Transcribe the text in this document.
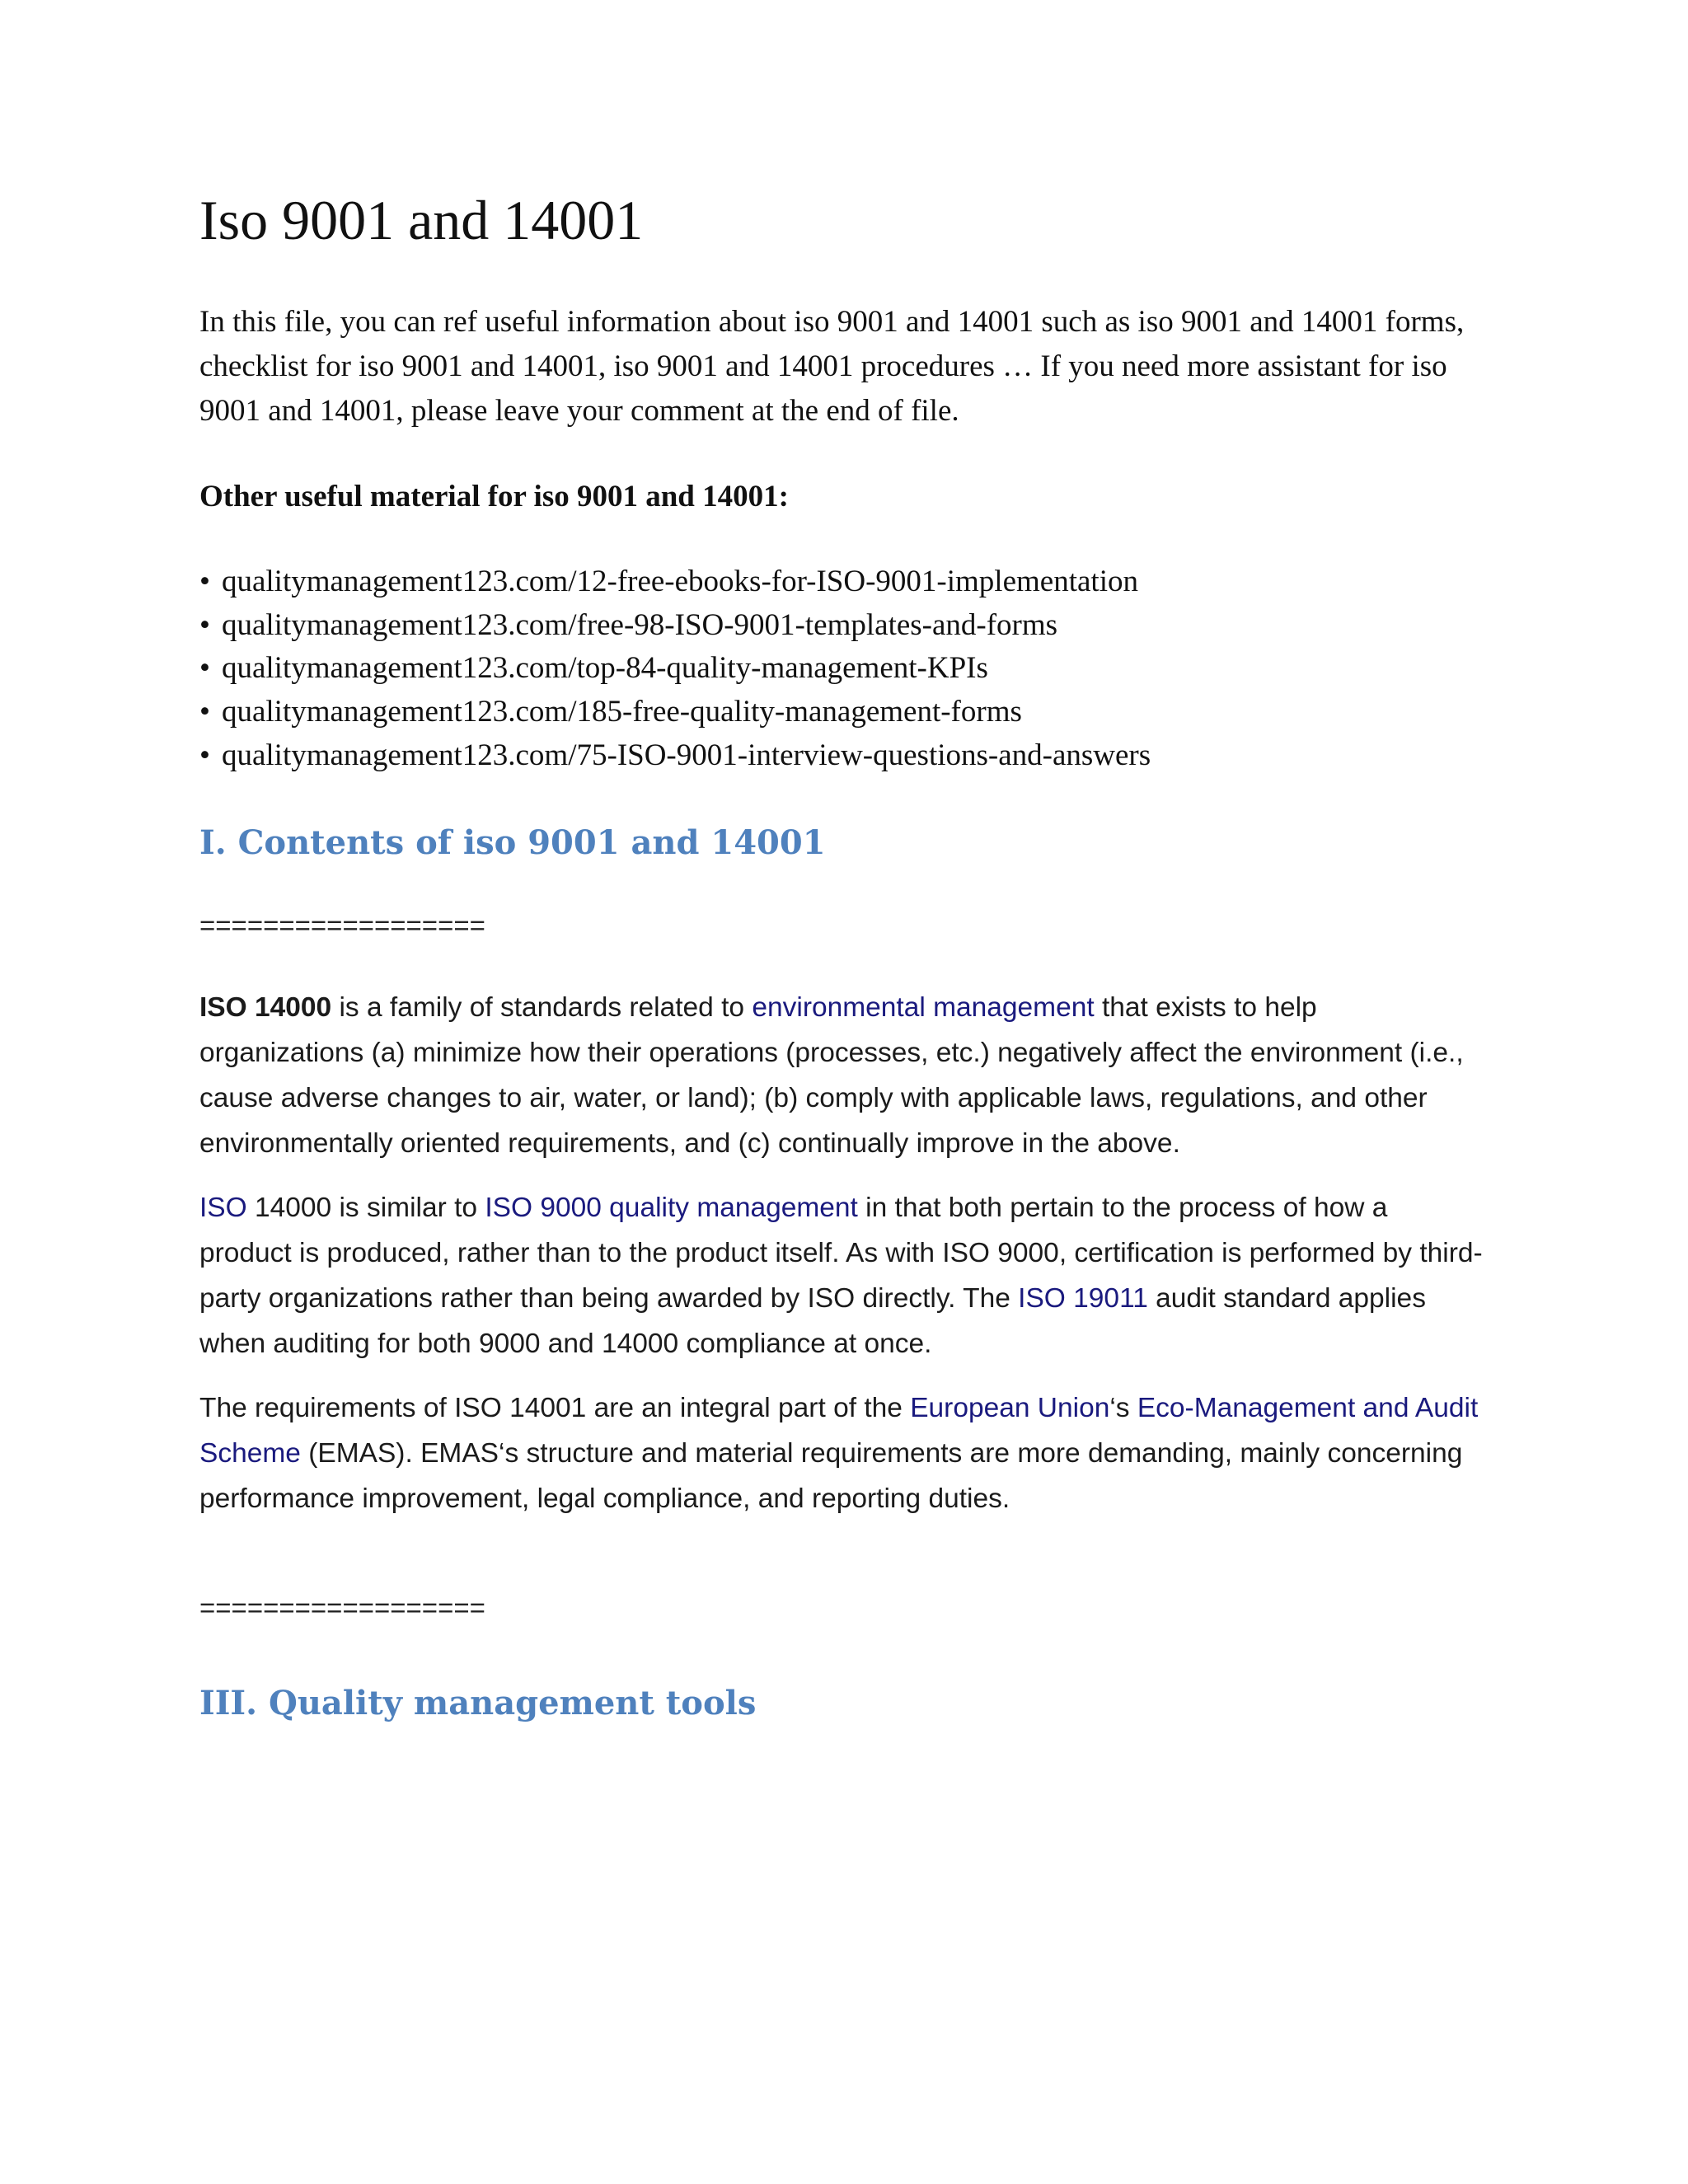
Iso 9001 and 14001

In this file, you can ref useful information about iso 9001 and 14001 such as iso 9001 and 14001 forms, checklist for iso 9001 and 14001, iso 9001 and 14001 procedures … If you need more assistant for iso 9001 and 14001, please leave your comment at the end of file.

Other useful material for iso 9001 and 14001:

• qualitymanagement123.com/12-free-ebooks-for-ISO-9001-implementation
• qualitymanagement123.com/free-98-ISO-9001-templates-and-forms
• qualitymanagement123.com/top-84-quality-management-KPIs
• qualitymanagement123.com/185-free-quality-management-forms
• qualitymanagement123.com/75-ISO-9001-interview-questions-and-answers
I. Contents of iso 9001 and 14001

==================

ISO 14000 is a family of standards related to environmental management that exists to help organizations (a) minimize how their operations (processes, etc.) negatively affect the environment (i.e., cause adverse changes to air, water, or land); (b) comply with applicable laws, regulations, and other environmentally oriented requirements, and (c) continually improve in the above.

ISO 14000 is similar to ISO 9000 quality management in that both pertain to the process of how a product is produced, rather than to the product itself. As with ISO 9000, certification is performed by third-party organizations rather than being awarded by ISO directly. The ISO 19011 audit standard applies when auditing for both 9000 and 14000 compliance at once.

The requirements of ISO 14001 are an integral part of the European Union‘s Eco-Management and Audit Scheme (EMAS). EMAS‘s structure and material requirements are more demanding, mainly concerning performance improvement, legal compliance, and reporting duties.

==================

III. Quality management tools
